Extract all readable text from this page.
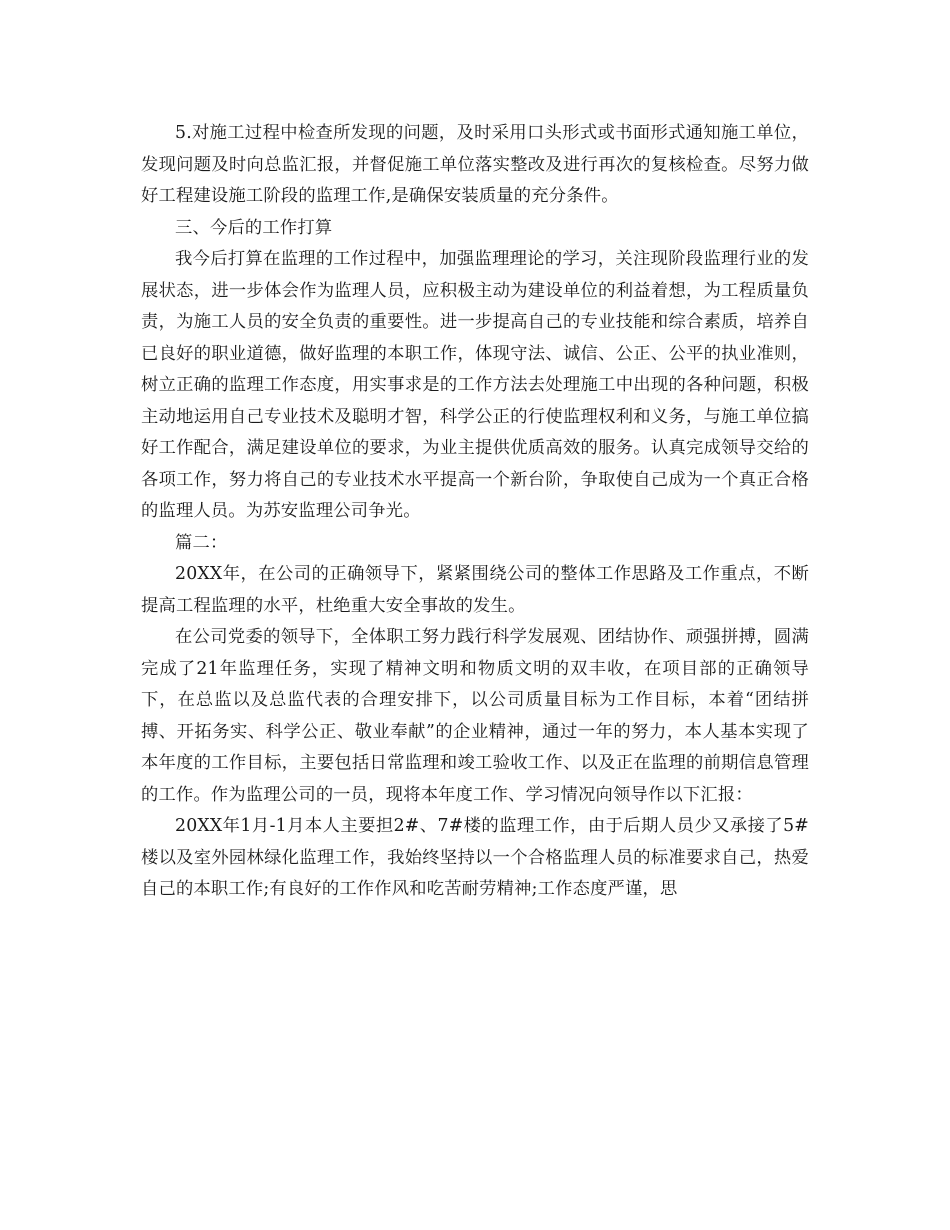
5.对施工过程中检查所发现的问题，及时采用口头形式或书面形式通知施工单位，发现问题及时向总监汇报，并督促施工单位落实整改及进行再次的复核检查。尽努力做好工程建设施工阶段的监理工作,是确保安装质量的充分条件。

三、今后的工作打算

我今后打算在监理的工作过程中，加强监理理论的学习，关注现阶段监理行业的发展状态，进一步体会作为监理人员，应积极主动为建设单位的利益着想，为工程质量负责，为施工人员的安全负责的重要性。进一步提高自己的专业技能和综合素质，培养自已良好的职业道德，做好监理的本职工作，体现守法、诚信、公正、公平的执业准则，树立正确的监理工作态度，用实事求是的工作方法去处理施工中出现的各种问题，积极主动地运用自己专业技术及聪明才智，科学公正的行使监理权利和义务，与施工单位搞好工作配合，满足建设单位的要求，为业主提供优质高效的服务。认真完成领导交给的各项工作，努力将自己的专业技术水平提高一个新台阶，争取使自己成为一个真正合格的监理人员。为苏安监理公司争光。

篇二：

20XX年，在公司的正确领导下，紧紧围绕公司的整体工作思路及工作重点，不断提高工程监理的水平，杜绝重大安全事故的发生。

在公司党委的领导下，全体职工努力践行科学发展观、团结协作、顽强拼搏，圆满完成了21年监理任务，实现了精神文明和物质文明的双丰收，在项目部的正确领导下，在总监以及总监代表的合理安排下，以公司质量目标为工作目标，本着“团结拼搏、开拓务实、科学公正、敬业奉献”的企业精神，通过一年的努力，本人基本实现了本年度的工作目标，主要包括日常监理和竣工验收工作、以及正在监理的前期信息管理的工作。作为监理公司的一员，现将本年度工作、学习情况向领导作以下汇报：

20XX年1月-1月本人主要担2#、7#楼的监理工作，由于后期人员少又承接了5#楼以及室外园林绿化监理工作，我始终坚持以一个合格监理人员的标准要求自己，热爱自己的本职工作;有良好的工作作风和吃苦耐劳精神;工作态度严谨，思
